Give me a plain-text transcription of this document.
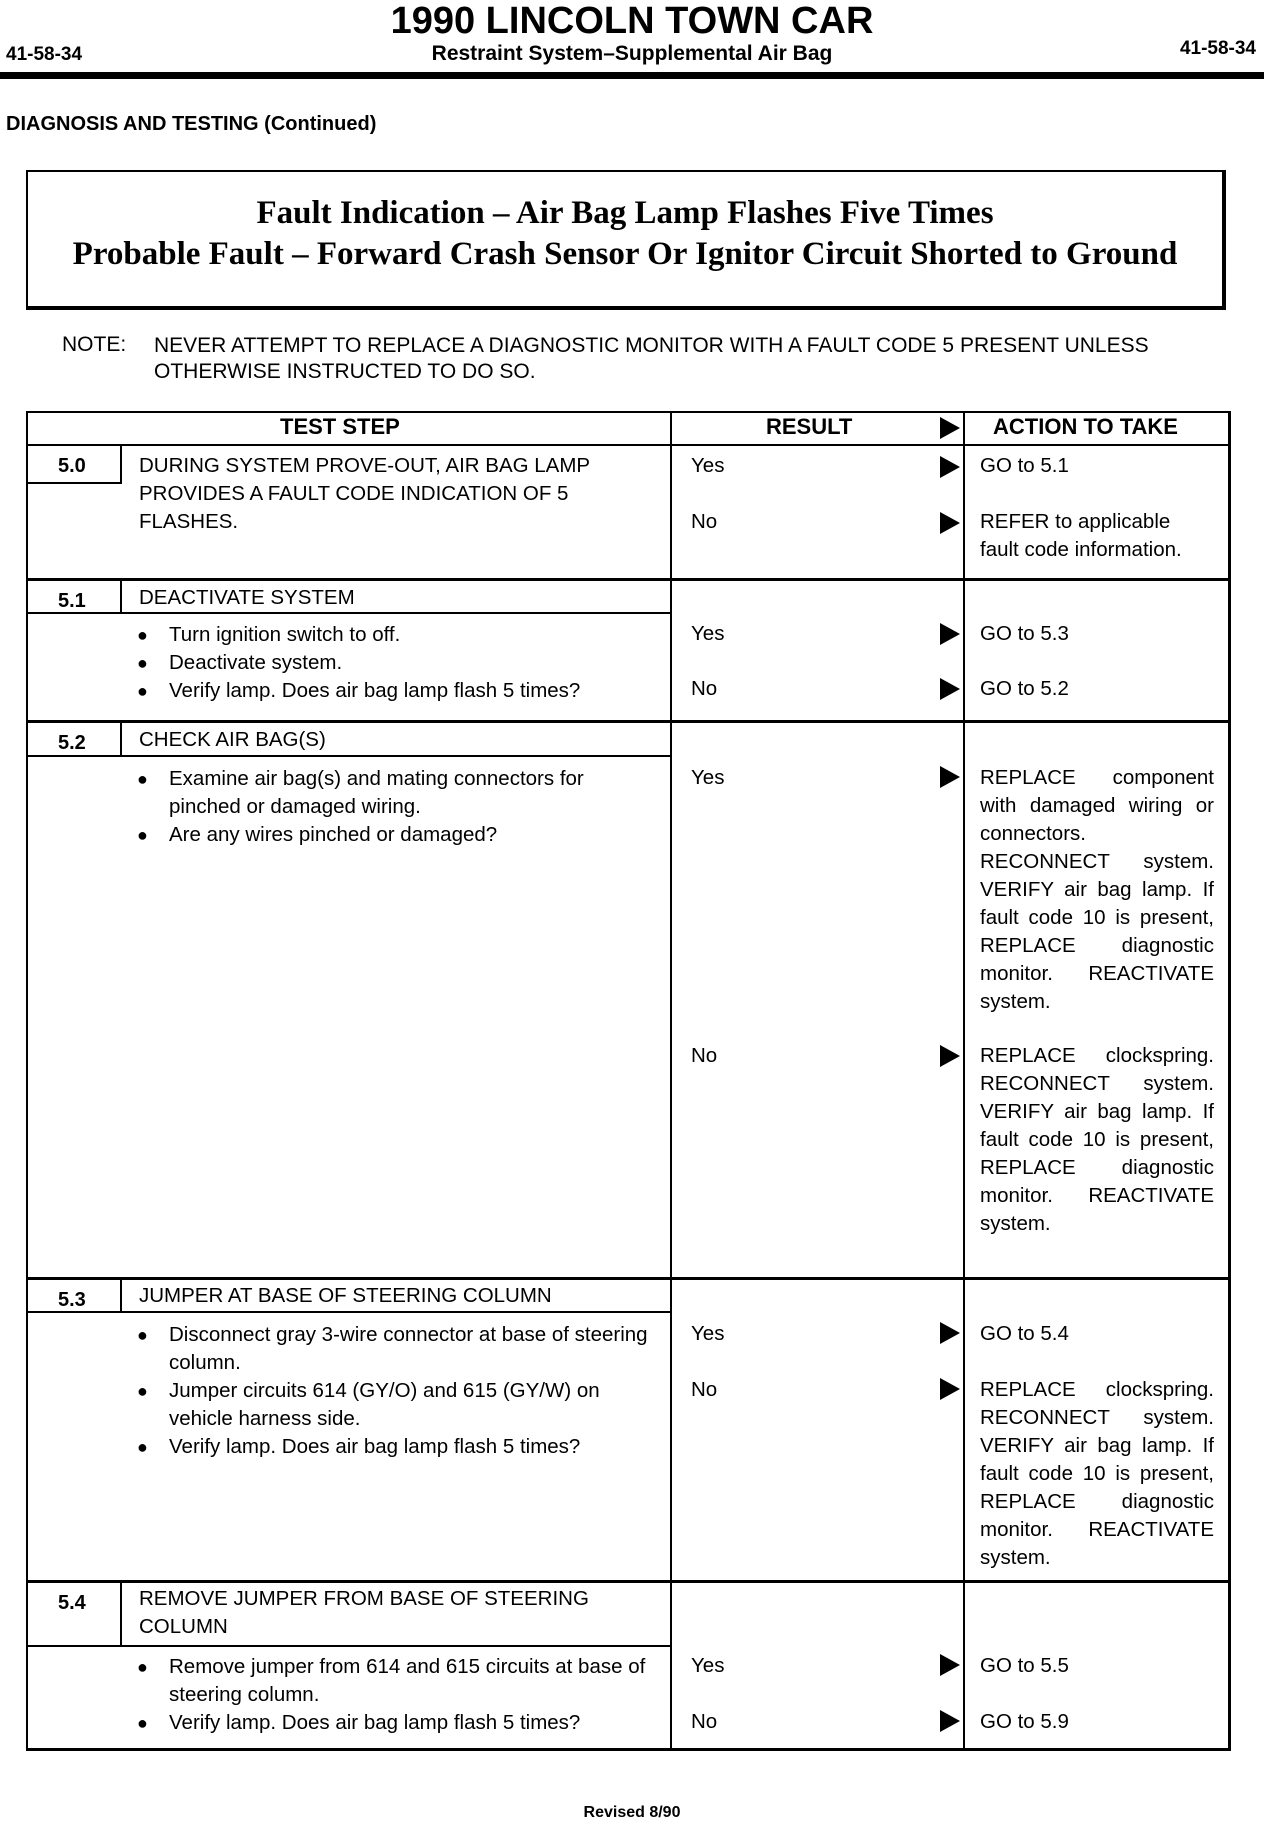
1990 LINCOLN TOWN CAR
Restraint System–Supplemental Air Bag
41-58-34	41-58-34
DIAGNOSIS AND TESTING (Continued)
Fault Indication – Air Bag Lamp Flashes Five Times
Probable Fault – Forward Crash Sensor Or Ignitor Circuit Shorted to Ground
NOTE: NEVER ATTEMPT TO REPLACE A DIAGNOSTIC MONITOR WITH A FAULT CODE 5 PRESENT UNLESS OTHERWISE INSTRUCTED TO DO SO.
TEST STEP	RESULT	ACTION TO TAKE
5.0	DURING SYSTEM PROVE-OUT, AIR BAG LAMP PROVIDES A FAULT CODE INDICATION OF 5 FLASHES.
Yes	GO to 5.1
No	REFER to applicable fault code information.
5.1	DEACTIVATE SYSTEM
● Turn ignition switch to off.
● Deactivate system.
● Verify lamp. Does air bag lamp flash 5 times?
Yes	GO to 5.3
No	GO to 5.2
5.2	CHECK AIR BAG(S)
● Examine air bag(s) and mating connectors for pinched or damaged wiring.
● Are any wires pinched or damaged?
Yes	REPLACE component with damaged wiring or connectors. RECONNECT system. VERIFY air bag lamp. If fault code 10 is present, REPLACE diagnostic monitor. REACTIVATE system.
No	REPLACE clockspring. RECONNECT system. VERIFY air bag lamp. If fault code 10 is present, REPLACE diagnostic monitor. REACTIVATE system.
5.3	JUMPER AT BASE OF STEERING COLUMN
● Disconnect gray 3-wire connector at base of steering column.
● Jumper circuits 614 (GY/O) and 615 (GY/W) on vehicle harness side.
● Verify lamp. Does air bag lamp flash 5 times?
Yes	GO to 5.4
No	REPLACE clockspring. RECONNECT system. VERIFY air bag lamp. If fault code 10 is present, REPLACE diagnostic monitor. REACTIVATE system.
5.4	REMOVE JUMPER FROM BASE OF STEERING COLUMN
● Remove jumper from 614 and 615 circuits at base of steering column.
● Verify lamp. Does air bag lamp flash 5 times?
Yes	GO to 5.5
No	GO to 5.9
Revised 8/90
